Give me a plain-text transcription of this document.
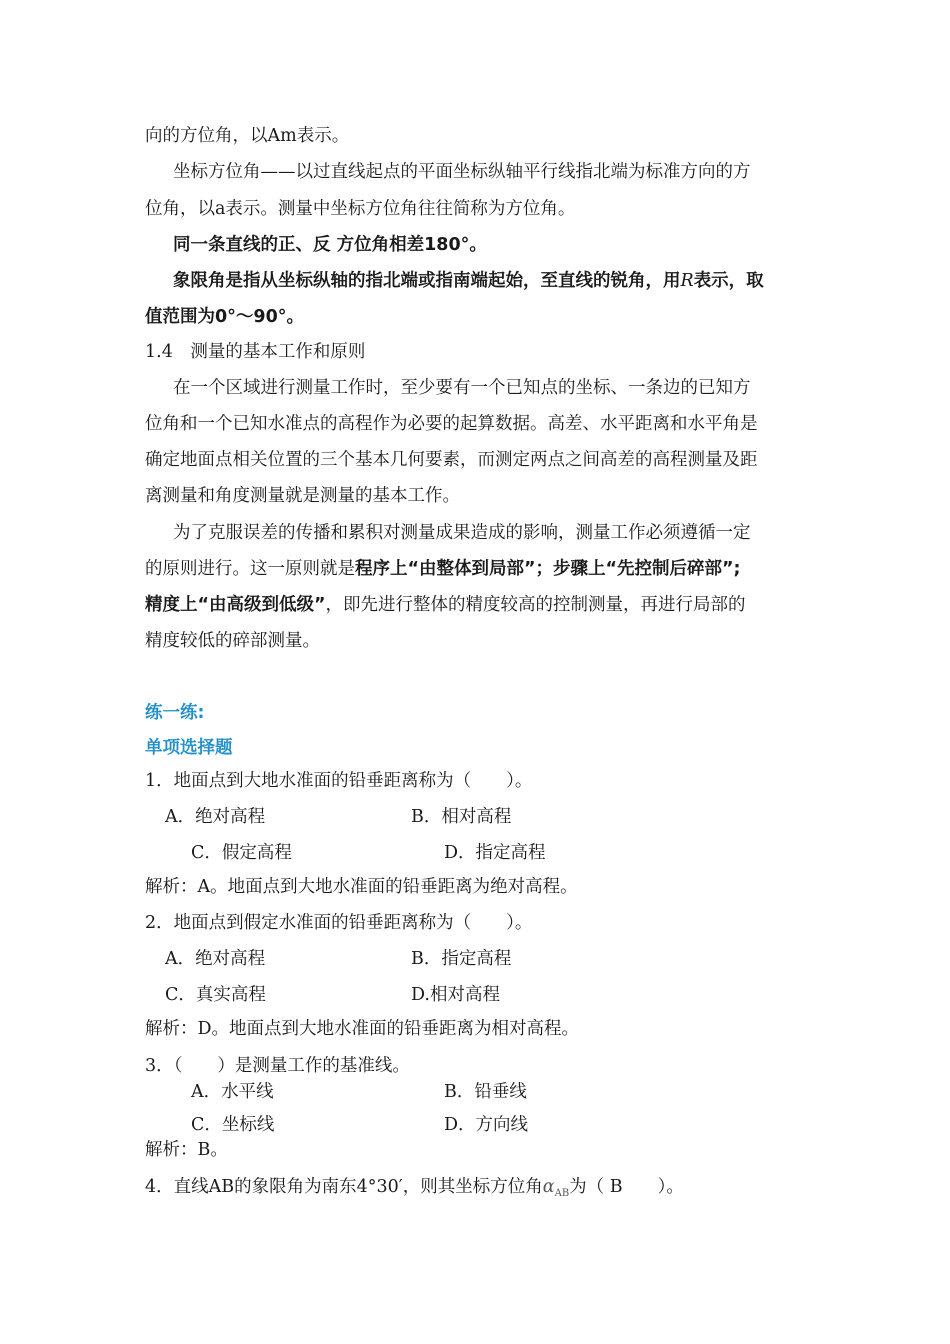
向的方位角，以Am表示。
坐标方位角——以过直线起点的平面坐标纵轴平行线指北端为标准方向的方
位角，以a表示。测量中坐标方位角往往简称为方位角。
同一条直线的正、反 方位角相差180°。
象限角是指从坐标纵轴的指北端或指南端起始，至直线的锐角，用R表示，取
值范围为0°～90°。
1.4　测量的基本工作和原则
在一个区域进行测量工作时，至少要有一个已知点的坐标、一条边的已知方
位角和一个已知水准点的高程作为必要的起算数据。高差、水平距离和水平角是
确定地面点相关位置的三个基本几何要素，而测定两点之间高差的高程测量及距
离测量和角度测量就是测量的基本工作。
为了克服误差的传播和累积对测量成果造成的影响，测量工作必须遵循一定
的原则进行。这一原则就是程序上“由整体到局部”；步骤上“先控制后碎部”;
精度上“由高级到低级”，即先进行整体的精度较高的控制测量，再进行局部的
精度较低的碎部测量。
练一练:
单项选择题
1．地面点到大地水准面的铅垂距离称为（　　）。
A．绝对高程	B．相对高程
C．假定高程	D．指定高程
解析：A。地面点到大地水准面的铅垂距离为绝对高程。
2．地面点到假定水准面的铅垂距离称为（　　）。
A．绝对高程	B．指定高程
C．真实高程	D.相对高程
解析：D。地面点到大地水准面的铅垂距离为相对高程。
3．（　　）是测量工作的基准线。
A．水平线	B．铅垂线
C．坐标线	D．方向线
解析：B。
4．直线AB的象限角为南东4°30′，则其坐标方位角$\alpha_{AB}$为（ B　　）。
